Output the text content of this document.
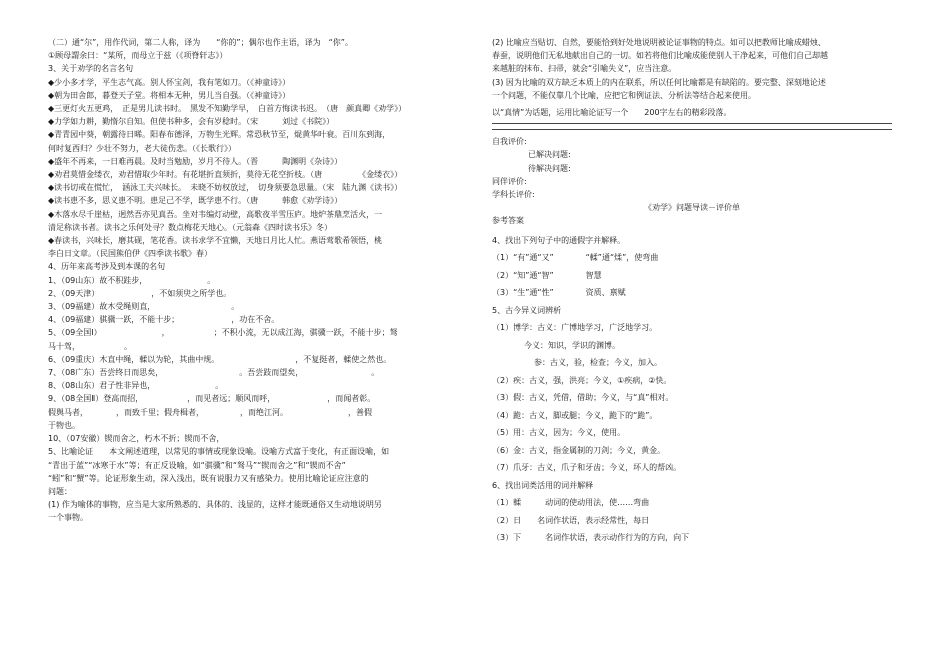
（二）通“尔”，用作代词，第二人称，译为　　“你的”；偶尔也作主语，译为　“你”。
①顾母謂余曰：“某所，而母立于兹（《项脊轩志》）
3、关于劝学的名言名句
◆少小多才学，平生志气高。别人怀宝剑，我有笔如刀。（《神童诗》）
◆朝为田舍郎，暮登天子堂。将相本无种，男儿当自强。（《神童诗》）
◆三更灯火五更鸡，　正是男儿读书时。　黑发不知勤学早，　白首方悔读书迟。　（唐　颜真卿《劝学》）
◆力学如力耕，勤惰尔自知。但使书种多，会有岁稔时。（宋　　　刘过《书院》）
◆青青园中葵，朝露待日晞。阳春布德泽，万物生光辉。常恐秋节至，焜黄华叶衰。百川东到海，
何时复西归？少壮不努力，老大徒伤悲。（《长歌行》）
◆盛年不再来，一日难再晨。及时当勉励，岁月不待人。（晋　　　陶渊明《杂诗》）
◆劝君莫惜金缕衣，劝君惜取少年时。有花堪折直须折，莫待无花空折枝。（唐　　　　　《金缕衣》）
◆读书切戒在慌忙，　涵泳工夫兴味长。　未晓不妨权放过，　切身须要急思量。（宋　陆九渊《读书》）
◆读书患不多，思义患不明。患足己不学，既学患不行。（唐　　　韩愈《劝学诗》）
◆木落水尽千崖枯，迥然吾亦见真吾。坐对韦编灯动壁，高歌夜半雪压庐。地炉茶鼎烹活火，一
清足称读书者。读书之乐何处寻？数点梅花天地心。（元翁森《四时读书乐》冬）
◆春读书，兴味长，磨其砚，笔花香。读书求学不宜懒，天地日月比人忙。燕语莺歌希领悟，桃
李白日文章。（民国熊伯伊《四季读书歌》春）
4、历年来高考涉及到本课的名句
1、（09山东）故不积跬步，　　　　　　　　。
2、（09天津）　　　　　　　，不如须臾之所学也。
3、（09福建）故木受绳则直，　　　　　　　　　　。
4、（09福建）骐骥一跃，不能十步；　　　　　　　，功在不舍。
5、（09全国Ⅰ）　　　　　　　　，　　　　　　；不积小流，无以成江海，骐骥一跃，不能十步；驽
马十驾，　　　　　　。
6、（09重庆）木直中绳，輮以为轮，其曲中规。　　　　　　　　　　，不复挺者，輮使之然也。
7、（08广东）吾尝终日而思矣，　　　　　　　　　　。吾尝跂而望矣，　　　　　　　　　。
8、（08山东）君子性非异也，　　　　　　　　。
9、（08全国Ⅱ）登高而招，　　　　　　，而见者远；顺风而呼，　　　　　　　，而闻者彰。
假舆马者，　　　　，而致千里；假舟楫者，　　　　　，而绝江河。　　　　　　　　，善假
于物也。
10、（07安徽）锲而舍之，朽木不折；锲而不舍，
5、比喻论证　　本文阐述道理，以常见的事情或现象设喻。设喻方式富于变化，有正面设喻，如
“青出于蓝”“冰寒于水”等；有正反设喻，如“骐骥”和“驽马”“锲而舍之”和“锲而不舍”
“蚓”和“蟹”等。论证形象生动，深入浅出，既有说服力又有感染力。使用比喻论证应注意的
问题：
(1) 作为喻体的事物，应当是大家所熟悉的、具体的、浅显的，这样才能既通俗又生动地说明另
一个事物。
(2) 比喻应当贴切、自然，要能恰到好处地说明被论证事物的特点。如可以把教师比喻成蜡烛、
春蚕，说明他们无私地献出自己的一切。如若将他们比喻成能使别人干净起来，可他们自己却越
来越脏的抹布、扫帚，就会“引喻失义”，应当注意。
(3) 因为比喻的双方缺乏本质上的内在联系，所以任何比喻都是有缺陷的。要完整、深刻地论述
一个问题，不能仅靠几个比喻，应把它和例证法、分析法等结合起来使用。
以“真情”为话题，运用比喻论证写一个　　200字左右的精彩段落。
自我评价:
已解决问题:
待解决问题:
同伴评价:
学科长评价:
《劝学》问题导读－评价单
参考答案
4、找出下列句子中的通假字并解释。
（1）“有”通“又”　　　　“輮”通“煣”，使弯曲
（2）“知”通“智”　　　　智慧
（3）“生”通“性”　　　　资质、禀赋
5、古今异义词辨析
（1）博学：古义：广博地学习，广泛地学习。
　　　　今义：知识，学识的渊博。
　　参：古义，验，检查；今义，加入。
（2）疾：古义，强，洪亮；今义，①疾病，②快。
（3）假：古义，凭借，借助；今义，与“真”相对。
（4）跪：古义，脚或腿；今义，跪下的“跪”。
（5）用：古义，因为；今义，使用。
（6）金：古义，指金属制的刀剑；今义，黄金。
（7）爪牙：古义，爪子和牙齿；今义，坏人的帮凶。
6、找出词类活用的词并解释
（1）輮　　　动词的使动用法，使……弯曲
（2）日　　名词作状语，表示经常性，每日
（3）下　　　名词作状语，表示动作行为的方向，向下
